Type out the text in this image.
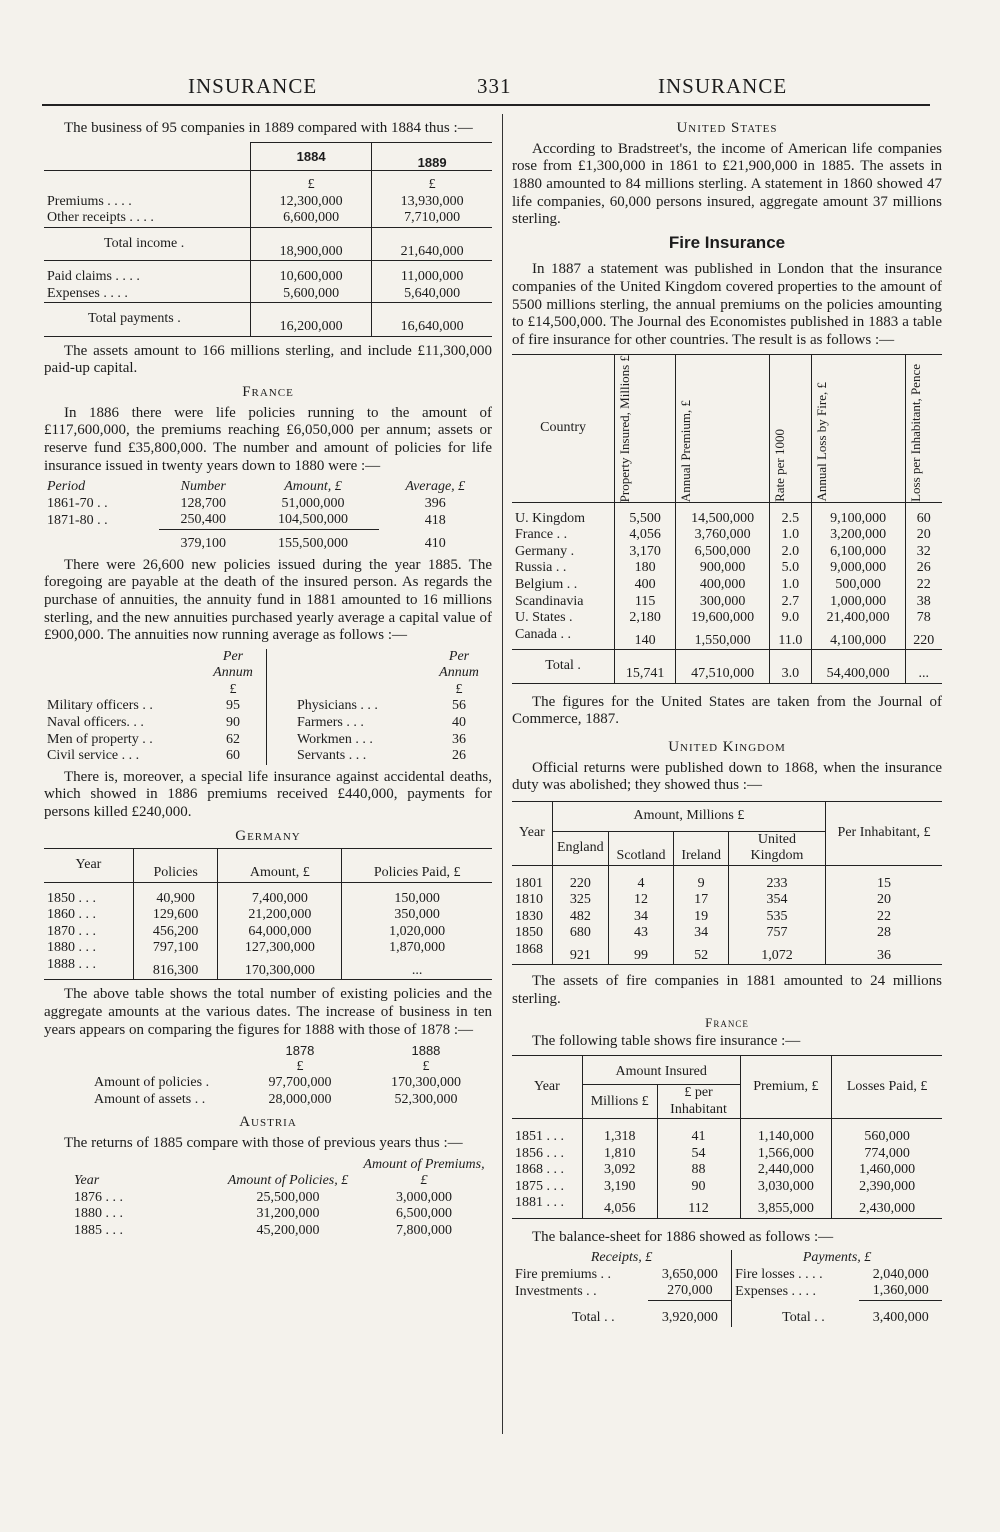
INSURANCE	331	INSURANCE

The business of 95 companies in 1889 compared with 1884 thus :—

	1884	1889
	£	£
Premiums . . . .	12,300,000	13,930,000
Other receipts . . . .	6,600,000	7,710,000
Total income .	18,900,000	21,640,000
Paid claims . . . .	10,600,000	11,000,000
Expenses . . . .	5,600,000	5,640,000
Total payments .	16,200,000	16,640,000

The assets amount to 166 millions sterling, and include £11,300,000 paid-up capital.

France

In 1886 there were life policies running to the amount of £117,600,000, the premiums reaching £6,050,000 per annum; assets or reserve fund £35,800,000. The number and amount of policies for life insurance issued in twenty years down to 1880 were :—

Period	Number	Amount, £	Average, £
1861-70 . .	128,700	51,000,000	396
1871-80 . .	250,400	104,500,000	418
	379,100	155,500,000	410

There were 26,600 new policies issued during the year 1885. The foregoing are payable at the death of the insured person. As regards the purchase of annuities, the annuity fund in 1881 amounted to 16 millions sterling, and the new annuities purchased yearly average a capital value of £900,000. The annuities now running average as follows :—

	Per Annum		Per Annum
	£		£
Military officers . .	95	Physicians . . .	56
Naval officers. . .	90	Farmers . . .	40
Men of property . .	62	Workmen . . .	36
Civil service . . .	60	Servants . . .	26

There is, moreover, a special life insurance against accidental deaths, which showed in 1886 premiums received £440,000, payments for persons killed £240,000.

Germany
Year	Policies	Amount, £	Policies Paid, £
1850 . . .	40,900	7,400,000	150,000
1860 . . .	129,600	21,200,000	350,000
1870 . . .	456,200	64,000,000	1,020,000
1880 . . .	797,100	127,300,000	1,870,000
1888 . . .	816,300	170,300,000	...

The above table shows the total number of existing policies and the aggregate amounts at the various dates. The increase of business in ten years appears on comparing the figures for 1888 with those of 1878 :—

	1878	1888
	£	£
Amount of policies .	97,700,000	170,300,000
Amount of assets . .	28,000,000	52,300,000
Austria

The returns of 1885 compare with those of previous years thus :—

Year	Amount of Policies, £	Amount of Premiums, £
1876 . . .	25,500,000	3,000,000
1880 . . .	31,200,000	6,500,000
1885 . . .	45,200,000	7,800,000
United States

According to Bradstreet's, the income of American life companies rose from £1,300,000 in 1861 to £21,900,000 in 1885. The assets in 1880 amounted to 84 millions sterling. A statement in 1860 showed 47 life companies, 60,000 persons insured, aggregate amount 37 millions sterling.

Fire Insurance

In 1887 a statement was published in London that the insurance companies of the United Kingdom covered properties to the amount of 5500 millions sterling, the annual premiums on the policies amounting to £14,500,000. The Journal des Economistes published in 1883 a table of fire insurance for other countries. The result is as follows :—

Country	Property Insured, Millions £	Annual Premium, £	Rate per 1000	Annual Loss by Fire, £	Loss per Inhabitant, Pence

U. Kingdom	5,500	14,500,000	2.5	9,100,000	60
France . .	4,056	3,760,000	1.0	3,200,000	20
Germany .	3,170	6,500,000	2.0	6,100,000	32
Russia . .	180	900,000	5.0	9,000,000	26
Belgium . .	400	400,000	1.0	500,000	22
Scandinavia	115	300,000	2.7	1,000,000	38
U. States .	2,180	19,600,000	9.0	21,400,000	78
Canada . .	140	1,550,000	11.0	4,100,000	220
Total .	15,741	47,510,000	3.0	54,400,000	...

The figures for the United States are taken from the Journal of Commerce, 1887.

United Kingdom

Official returns were published down to 1868, when the insurance duty was abolished; they showed thus :—

Year	Amount, Millions £				Per Inhabitant, £
	England	Scotland	Ireland	United Kingdom	
1801	220	4	9	233	15
1810	325	12	17	354	20
1830	482	34	19	535	22
1850	680	43	34	757	28
1868	921	99	52	1,072	36

The assets of fire companies in 1881 amounted to 24 millions sterling.

France

The following table shows fire insurance :—

Year	Amount Insured		Premium, £	Losses Paid, £
	Millions £	£ per Inhabitant		
1851 . . .	1,318	41	1,140,000	560,000
1856 . . .	1,810	54	1,566,000	774,000
1868 . . .	3,092	88	2,440,000	1,460,000
1875 . . .	3,190	90	3,030,000	2,390,000
1881 . . .	4,056	112	3,855,000	2,430,000

The balance-sheet for 1886 showed as follows :—

Receipts, £		Payments, £	
Fire premiums . .	3,650,000	Fire losses . . . .	2,040,000
Investments . .	270,000	Expenses . . . .	1,360,000
Total . .	3,920,000	Total . .	3,400,000
